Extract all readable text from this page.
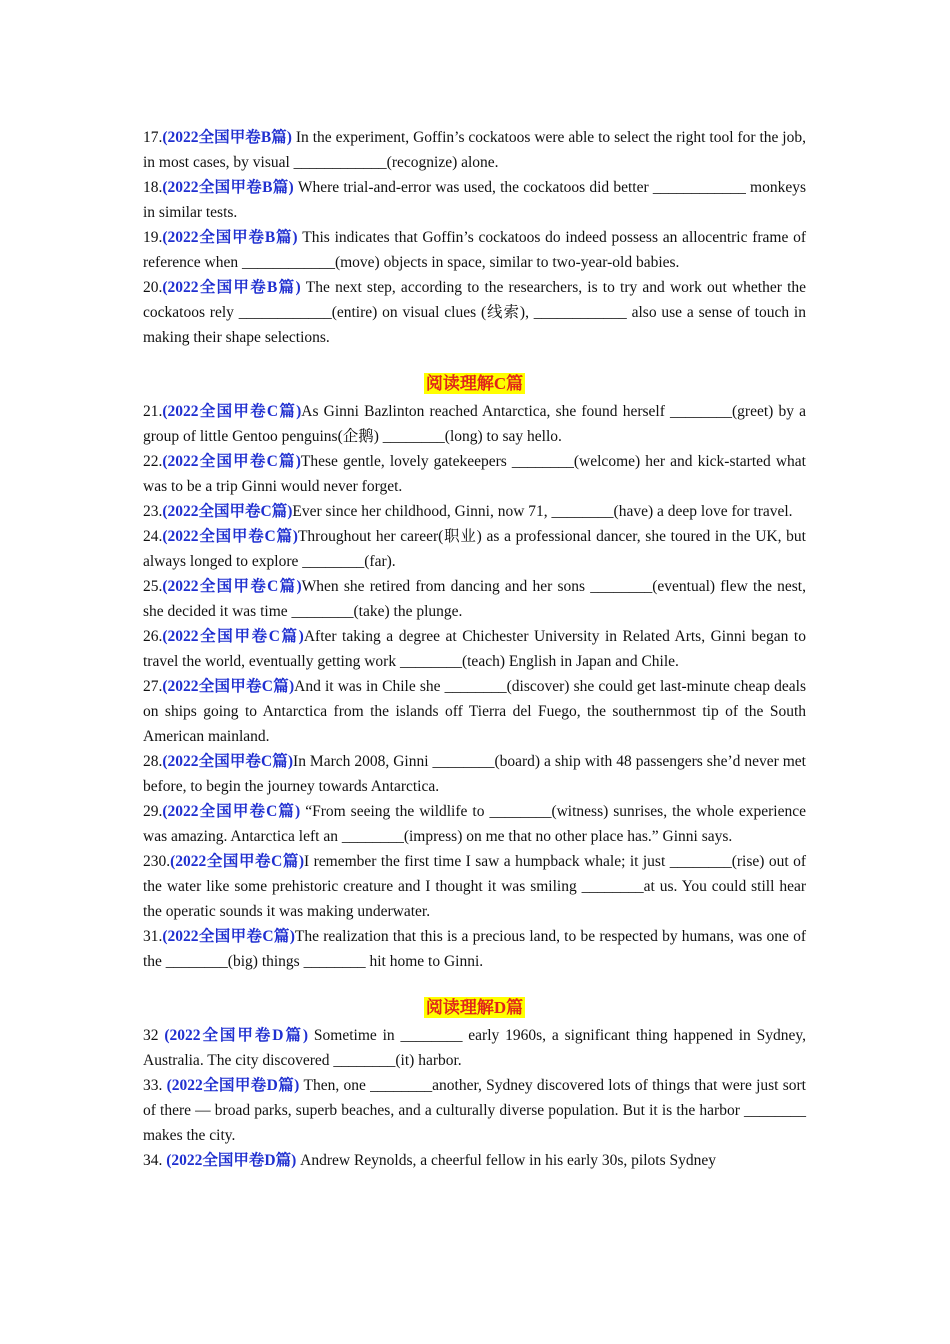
17.(2022全国甲卷B篇) In the experiment, Goffin’s cockatoos were able to select the right tool for the job, in most cases, by visual ____________(recognize) alone.

18.(2022全国甲卷B篇) Where trial-and-error was used, the cockatoos did better ____________ monkeys in similar tests.

19.(2022全国甲卷B篇) This indicates that Goffin’s cockatoos do indeed possess an allocentric frame of reference when ____________(move) objects in space, similar to two-year-old babies.

20.(2022全国甲卷B篇) The next step, according to the researchers, is to try and work out whether the cockatoos rely ____________(entire) on visual clues (线索), ____________ also use a sense of touch in making their shape selections.

阅读理解C篇

21.(2022全国甲卷C篇)As Ginni Bazlinton reached Antarctica, she found herself ________(greet) by a group of little Gentoo penguins(企鹅) ________(long) to say hello.

22.(2022全国甲卷C篇)These gentle, lovely gatekeepers ________(welcome) her and kick-started what was to be a trip Ginni would never forget.

23.(2022全国甲卷C篇)Ever since her childhood, Ginni, now 71, ________(have) a deep love for travel.

24.(2022全国甲卷C篇)Throughout her career(职业) as a professional dancer, she toured in the UK, but always longed to explore ________(far).

25.(2022全国甲卷C篇)When she retired from dancing and her sons ________(eventual) flew the nest, she decided it was time ________(take) the plunge.

26.(2022全国甲卷C篇)After taking a degree at Chichester University in Related Arts, Ginni began to travel the world, eventually getting work ________(teach) English in Japan and Chile.

27.(2022全国甲卷C篇)And it was in Chile she ________(discover) she could get last-minute cheap deals on ships going to Antarctica from the islands off Tierra del Fuego, the southernmost tip of the South American mainland.

28.(2022全国甲卷C篇)In March 2008, Ginni ________(board) a ship with 48 passengers she’d never met before, to begin the journey towards Antarctica.

29.(2022全国甲卷C篇) “From seeing the wildlife to ________(witness) sunrises, the whole experience was amazing. Antarctica left an ________(impress) on me that no other place has.” Ginni says.

230.(2022全国甲卷C篇)I remember the first time I saw a humpback whale; it just ________(rise) out of the water like some prehistoric creature and I thought it was smiling ________at us. You could still hear the operatic sounds it was making underwater.

31.(2022全国甲卷C篇)The realization that this is a precious land, to be respected by humans, was one of the ________(big) things ________ hit home to Ginni.

阅读理解D篇

32 (2022全国甲卷D篇) Sometime in ________ early 1960s, a significant thing happened in Sydney, Australia. The city discovered ________(it) harbor.

33. (2022全国甲卷D篇) Then, one ________another, Sydney discovered lots of things that were just sort of there — broad parks, superb beaches, and a culturally diverse population. But it is the harbor ________ makes the city.

34. (2022全国甲卷D篇) Andrew Reynolds, a cheerful fellow in his early 30s, pilots Sydney
